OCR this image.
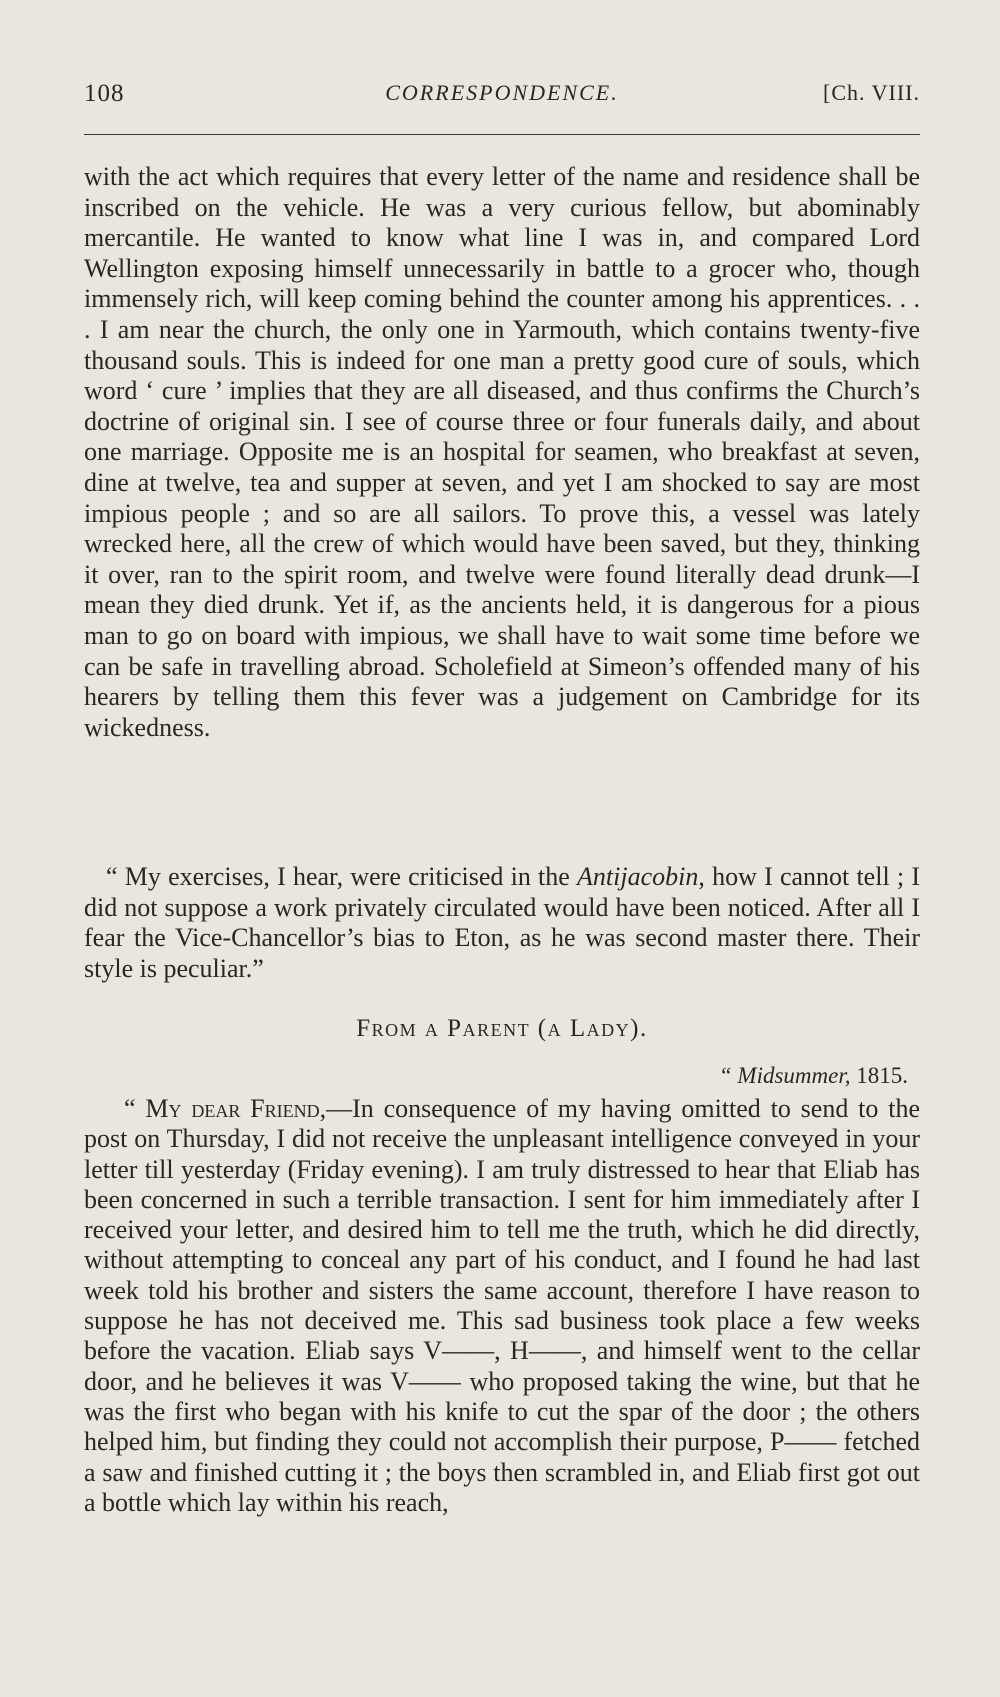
108	CORRESPONDENCE.	[Ch. VIII.

with the act which requires that every letter of the name and residence shall be inscribed on the vehicle. He was a very curious fellow, but abominably mercantile. He wanted to know what line I was in, and compared Lord Wellington exposing himself unnecessarily in battle to a grocer who, though immensely rich, will keep coming behind the counter among his apprentices. . . . I am near the church, the only one in Yarmouth, which contains twenty-five thousand souls. This is indeed for one man a pretty good cure of souls, which word ‘ cure ’ implies that they are all diseased, and thus confirms the Church’s doctrine of original sin. I see of course three or four funerals daily, and about one marriage. Opposite me is an hospital for seamen, who breakfast at seven, dine at twelve, tea and supper at seven, and yet I am shocked to say are most impious people ; and so are all sailors. To prove this, a vessel was lately wrecked here, all the crew of which would have been saved, but they, thinking it over, ran to the spirit room, and twelve were found literally dead drunk—I mean they died drunk. Yet if, as the ancients held, it is dangerous for a pious man to go on board with impious, we shall have to wait some time before we can be safe in travelling abroad. Scholefield at Simeon’s offended many of his hearers by telling them this fever was a judgement on Cambridge for its wickedness.

“ My exercises, I hear, were criticised in the Antijacobin, how I cannot tell ; I did not suppose a work privately circulated would have been noticed. After all I fear the Vice-Chancellor’s bias to Eton, as he was second master there. Their style is peculiar.”

From a Parent (a Lady).
“ Midsummer, 1815.

“ My dear Friend,—In consequence of my having omitted to send to the post on Thursday, I did not receive the unpleasant intelligence conveyed in your letter till yesterday (Friday evening). I am truly distressed to hear that Eliab has been concerned in such a terrible transaction. I sent for him immediately after I received your letter, and desired him to tell me the truth, which he did directly, without attempting to conceal any part of his conduct, and I found he had last week told his brother and sisters the same account, therefore I have reason to suppose he has not deceived me. This sad business took place a few weeks before the vacation. Eliab says V——, H——, and himself went to the cellar door, and he believes it was V—— who proposed taking the wine, but that he was the first who began with his knife to cut the spar of the door ; the others helped him, but finding they could not accomplish their purpose, P—— fetched a saw and finished cutting it ; the boys then scrambled in, and Eliab first got out a bottle which lay within his reach,
